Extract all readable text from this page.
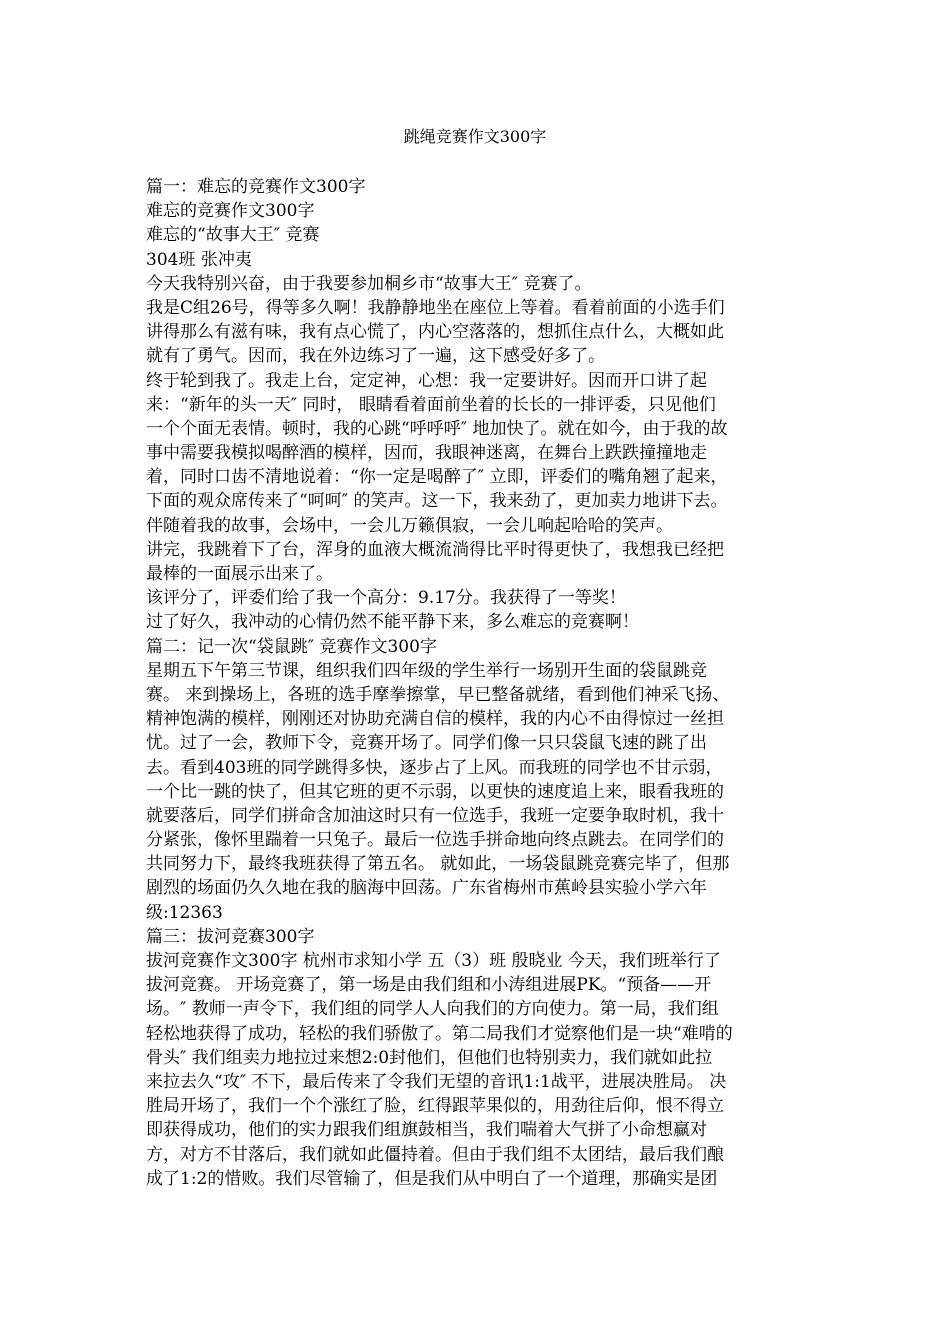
跳绳竞赛作文300字
篇一：难忘的竞赛作文300字
难忘的竞赛作文300字
难忘的“故事大王″ 竞赛
304班 张冲夷
今天我特别兴奋，由于我要参加桐乡市“故事大王″ 竞赛了。
我是C组26号，得等多久啊！我静静地坐在座位上等着。看着前面的小选手们
讲得那么有滋有味，我有点心慌了，内心空落落的，想抓住点什么，大概如此
就有了勇气。因而，我在外边练习了一遍，这下感受好多了。
终于轮到我了。我走上台，定定神，心想：我一定要讲好。因而开口讲了起
来：“新年的头一天″ 同时， 眼睛看着面前坐着的长长的一排评委，只见他们
一个个面无表情。顿时，我的心跳“呼呼呼″ 地加快了。就在如今，由于我的故
事中需要我模拟喝醉酒的模样，因而，我眼神迷离，在舞台上跌跌撞撞地走
着，同时口齿不清地说着：“你一定是喝醉了″ 立即，评委们的嘴角翘了起来，
下面的观众席传来了“呵呵″ 的笑声。这一下，我来劲了，更加卖力地讲下去。
伴随着我的故事，会场中，一会儿万籁俱寂，一会儿响起哈哈的笑声。
讲完，我跳着下了台，浑身的血液大概流淌得比平时得更快了，我想我已经把
最棒的一面展示出来了。
该评分了，评委们给了我一个高分：9.17分。我获得了一等奖！
过了好久，我冲动的心情仍然不能平静下来，多么难忘的竞赛啊！
篇二：记一次“袋鼠跳″ 竞赛作文300字
星期五下午第三节课，组织我们四年级的学生举行一场别开生面的袋鼠跳竞
赛。 来到操场上，各班的选手摩拳擦掌，早已整备就绪，看到他们神采飞扬、
精神饱满的模样，刚刚还对协助充满自信的模样，我的内心不由得惊过一丝担
忧。过了一会，教师下令，竞赛开场了。同学们像一只只袋鼠飞速的跳了出
去。看到403班的同学跳得多快，逐步占了上风。而我班的同学也不甘示弱，
一个比一跳的快了，但其它班的更不示弱，以更快的速度追上来，眼看我班的
就要落后，同学们拼命含加油这时只有一位选手，我班一定要争取时机，我十
分紧张，像怀里踹着一只兔子。最后一位选手拼命地向终点跳去。在同学们的
共同努力下，最终我班获得了第五名。 就如此，一场袋鼠跳竞赛完毕了，但那
剧烈的场面仍久久地在我的脑海中回荡。广东省梅州市蕉岭县实验小学六年
级:12363
篇三：拔河竞赛300字
拔河竞赛作文300字 杭州市求知小学 五（3）班 殷晓业 今天，我们班举行了
拔河竞赛。 开场竞赛了，第一场是由我们组和小涛组进展PK。“预备——开
场。″ 教师一声令下，我们组的同学人人向我们的方向使力。第一局，我们组
轻松地获得了成功，轻松的我们骄傲了。第二局我们才觉察他们是一块“难啃的
骨头″ 我们组卖力地拉过来想2:0封他们，但他们也特别卖力，我们就如此拉
来拉去久“攻″ 不下，最后传来了令我们无望的音讯1:1战平，进展决胜局。 决
胜局开场了，我们一个个涨红了脸，红得跟苹果似的，用劲往后仰，恨不得立
即获得成功，他们的实力跟我们组旗鼓相当，我们喘着大气拼了小命想赢对
方，对方不甘落后，我们就如此僵持着。但由于我们组不太团结，最后我们酿
成了1:2的惜败。我们尽管输了，但是我们从中明白了一个道理，那确实是团
